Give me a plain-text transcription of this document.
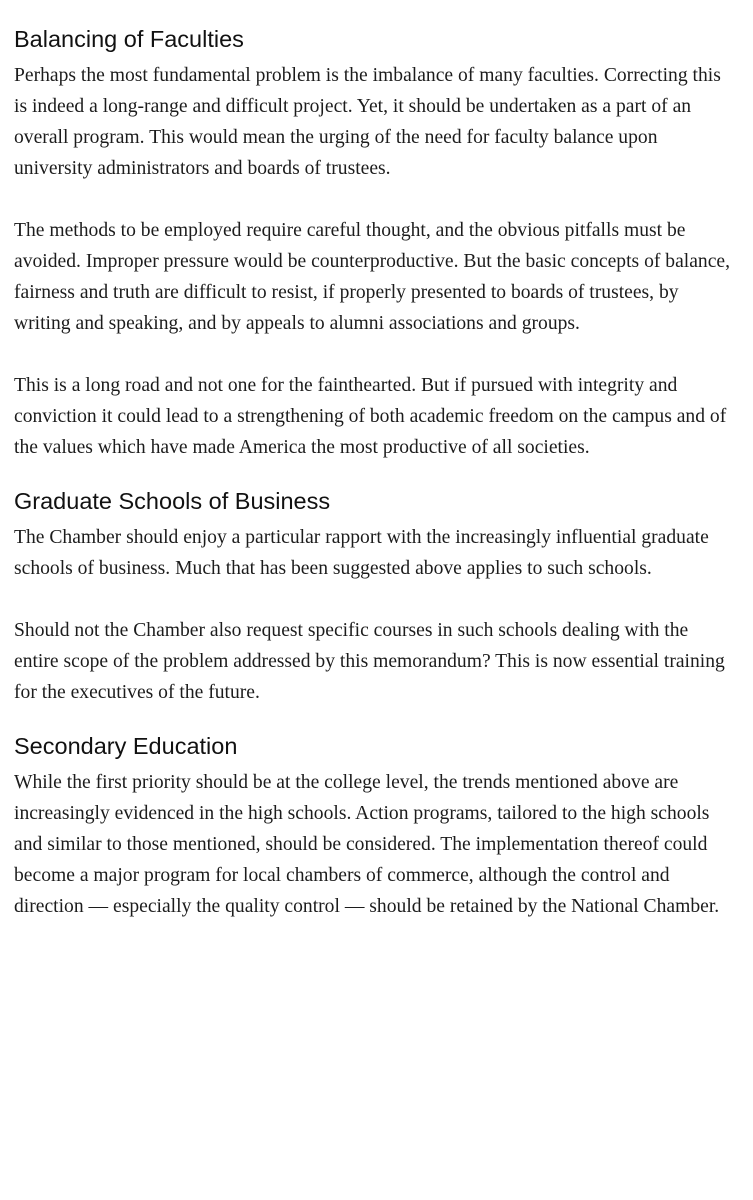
Balancing of Faculties

Perhaps the most fundamental problem is the imbalance of many faculties. Correcting this is indeed a long-range and difficult project. Yet, it should be undertaken as a part of an overall program. This would mean the urging of the need for faculty balance upon university administrators and boards of trustees.

The methods to be employed require careful thought, and the obvious pitfalls must be avoided. Improper pressure would be counterproductive. But the basic concepts of balance, fairness and truth are difficult to resist, if properly presented to boards of trustees, by writing and speaking, and by appeals to alumni associations and groups.

This is a long road and not one for the fainthearted. But if pursued with integrity and conviction it could lead to a strengthening of both academic freedom on the campus and of the values which have made America the most productive of all societies.

Graduate Schools of Business

The Chamber should enjoy a particular rapport with the increasingly influential graduate schools of business. Much that has been suggested above applies to such schools.

Should not the Chamber also request specific courses in such schools dealing with the entire scope of the problem addressed by this memorandum? This is now essential training for the executives of the future.

Secondary Education

While the first priority should be at the college level, the trends mentioned above are increasingly evidenced in the high schools. Action programs, tailored to the high schools and similar to those mentioned, should be considered. The implementation thereof could become a major program for local chambers of commerce, although the control and direction — especially the quality control — should be retained by the National Chamber.
